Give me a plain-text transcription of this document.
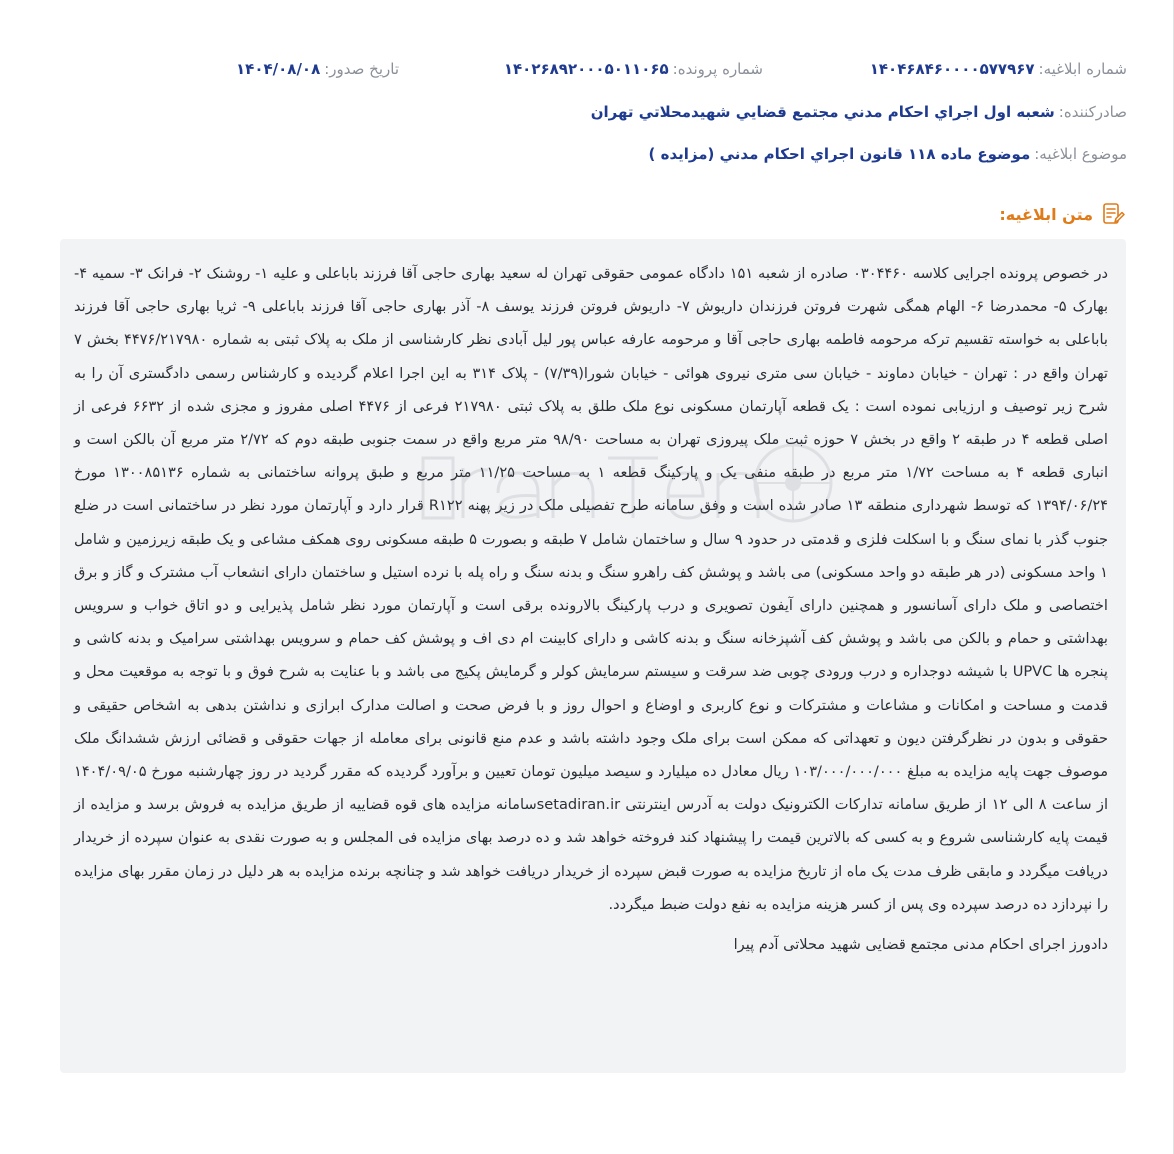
شماره ابلاغیه:۱۴۰۴۶۸۴۶۰۰۰۰۵۷۷۹۶۷
شماره پرونده:۱۴۰۲۶۸۹۲۰۰۰۵۰۱۱۰۶۵
تاریخ صدور:۱۴۰۴/۰۸/۰۸
صادرکننده:شعبه اول اجراي احکام مدني مجتمع قضايي شهيدمحلاتي تهران
موضوع ابلاغیه:موضوع ماده ۱۱۸ قانون اجراي احکام مدني (مزايده )
متن ابلاغیه:

در خصوص پرونده اجرایی کلاسه ۰۳۰۴۴۶۰ صادره از شعبه ۱۵۱ دادگاه عمومی حقوقی تهران له سعید بهاری حاجی آقا فرزند بابا‌علی و علیه ۱- روشنک ۲- فرانک ۳- سمیه ۴- بهارک ۵- محمدرضا ۶- الهام همگی شهرت فروتن فرزندان داریوش ۷- داریوش فروتن فرزند یوسف ۸- آذر بهاری حاجی آقا فرزند باباعلی ۹- ثریا بهاری حاجی آقا فرزند باباعلی به خواسته تقسیم ترکه مرحومه فاطمه بهاری حاجی آقا و مرحومه عارفه عباس پور لیل آبادی نظر کارشناسی از ملک به پلاک ثبتی به شماره ۴۴۷۶/۲۱۷۹۸۰ بخش ۷ تهران واقع در : تهران - خیابان دماوند - خیابان سی متری نیروی هوائی - خیابان شورا(۷/۳۹) - پلاک ۳۱۴ به این اجرا اعلام گردیده و کارشناس رسمی دادگستری آن را به شرح زیر توصیف و ارزیابی نموده است : یک قطعه آپارتمان مسکونی نوع ملک طلق به پلاک ثبتی ۲۱۷۹۸۰ فرعی از ۴۴۷۶ اصلی مفروز و مجزی شده از ۶۶۳۲ فرعی از اصلی قطعه ۴ در طبقه ۲ واقع در بخش ۷ حوزه ثبت ملک پیروزی تهران به مساحت ۹۸/۹۰ متر مربع واقع در سمت جنوبی طبقه دوم که ۲/۷۲ متر مربع آن بالکن است و انباری قطعه ۴ به مساحت ۱/۷۲ متر مربع در طبقه منفی یک و پارکینگ قطعه ۱ به مساحت ۱۱/۲۵ متر مربع و طبق پروانه ساختمانی به شماره ۱۳۰۰۸۵۱۳۶ مورخ ۱۳۹۴/۰۶/۲۴ که توسط شهرداری منطقه ۱۳ صادر شده است و وفق سامانه طرح تفصیلی ملک در زیر پهنه R۱۲۲ قرار دارد و آپارتمان مورد نظر در ساختمانی است در ضلع جنوب گذر با نمای سنگ و با اسکلت فلزی و قدمتی در حدود ۹ سال و ساختمان شامل ۷ طبقه و بصورت ۵ طبقه مسکونی روی همکف مشاعی و یک طبقه زیرزمین و شامل ۱ واحد مسکونی (در هر طبقه دو واحد مسکونی) می باشد و پوشش کف راهرو سنگ و بدنه سنگ و راه پله با نرده استیل و ساختمان دارای انشعاب آب مشترک و گاز و برق اختصاصی و ملک دارای آسانسور و همچنین دارای آیفون تصویری و درب پارکینگ بالارونده برقی است و آپارتمان مورد نظر شامل پذیرایی و دو اتاق خواب و سرویس بهداشتی و حمام و بالکن می باشد و پوشش کف آشپزخانه سنگ و بدنه کاشی و دارای کابینت ام دی اف و پوشش کف حمام و سرویس بهداشتی سرامیک و بدنه کاشی و پنجره ها UPVC با شیشه دوجداره و درب ورودی چوبی ضد سرقت و سیستم سرمایش کولر و گرمایش پکیج می باشد و با عنایت به شرح فوق و با توجه به موقعیت محل و قدمت و مساحت و امکانات و مشاعات و مشترکات و نوع کاربری و اوضاع و احوال روز و با فرض صحت و اصالت مدارک ابرازی و نداشتن بدهی به اشخاص حقیقی و حقوقی و بدون در نظرگرفتن دیون و تعهداتی که ممکن است برای ملک وجود داشته باشد و عدم منع قانونی برای معامله از جهات حقوقی و قضائی ارزش ششدانگ ملک موصوف جهت پایه مزایده به مبلغ ۱۰۳/۰۰۰/۰۰۰/۰۰۰ ریال معادل ده میلیارد و سیصد میلیون تومان تعیین و برآورد گردیده که مقرر گردید در روز چهارشنبه مورخ ۱۴۰۴/۰۹/۰۵ از ساعت ۸ الی ۱۲ از طریق سامانه تدارکات الکترونیک دولت به آدرس اینترنتی setadiran.irسامانه مزایده های قوه قضاییه از طریق مزایده به فروش برسد و مزایده از قیمت پایه کارشناسی شروع و به کسی که بالاترین قیمت را پیشنهاد کند فروخته خواهد شد و ده درصد بهای مزایده فی المجلس و به صورت نقدی به عنوان سپرده از خریدار دریافت میگردد و مابقی ظرف مدت یک ماه از تاریخ مزایده به صورت قبض سپرده از خریدار دریافت خواهد شد و چنانچه برنده مزایده به هر دلیل در زمان مقرر بهای مزایده را نپردازد ده درصد سپرده وی پس از کسر هزینه مزایده به نفع دولت ضبط میگردد.

دادورز اجرای احکام مدنی مجتمع قضایی شهید محلاتی آدم پیرا
